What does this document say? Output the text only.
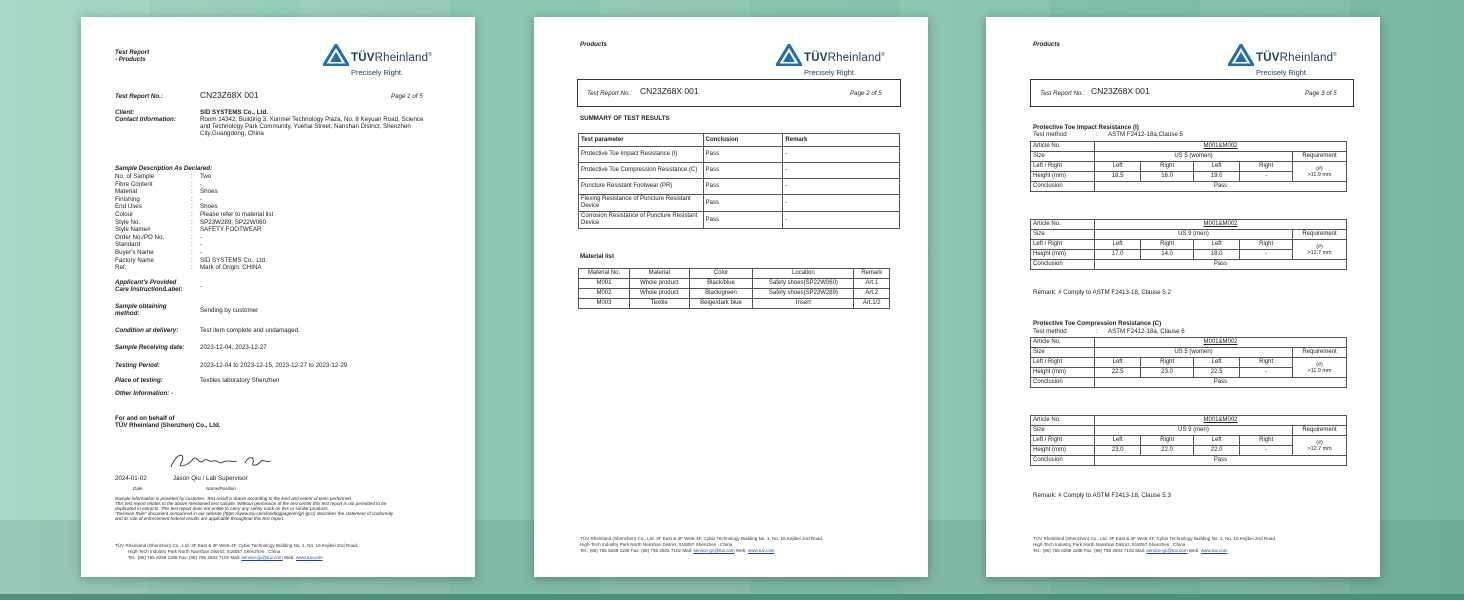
Test Report
- Products	TÜVRheinland®
Precisely Right.
Test Report No.:	CN23Z68X 001	Page 1 of 5
Client:	SID SYSTEMS Co., Ltd.
Contact Information:	Room 14342, Building 3, Xunmei Technology Plaza, No. 8 Keyuan Road, Science
and Technology Park Community, Yuehai Street, Nanshan District, Shenzhen
City,Guangdong, China
Sample Description As Declared:
No. of Sample	: Two
Fibre Content	: -
Material	: Shoes
Finishing	: -
End Uses	: Shoes
Colour	: Please refer to material list
Style No.	: SP23W289, SP22W060
Style Name#	: SAFETY FOOTWEAR
Order No./PO No.	: -
Standard	: -
Buyer's Name	: -
Factory Name	: SID SYSTEMS Co., Ltd.
Ref.	: Mark of Origin: CHINA
Applicant's Provided
Care Instruction/Label:	-
Sample obtaining
method:	Sending by customer
Condition at delivery:	Test item complete and undamaged.
Sample Receiving date:	2023-12-04, 2023-12-27
Testing Period:	2023-12-04 to 2023-12-15, 2023-12-27 to 2023-12-29
Place of testing:	Textiles laboratory Shenzhen
Other Information: -
For and on behalf of
TÜV Rheinland (Shenzhen) Co., Ltd.
2024-01-02	Jason Qiu / Lab Supervisor
Date	Name/Position
Sample information is provided by customer. Test result is drawn according to the kind and extent of tests performed.
This test report relates to the above mentioned test sample. Without permission of the test center this test report is not permitted to be
duplicated in extracts. This test report does not entitle to carry any safety mark on this or similar products.
"Decision Rule" document announced in our website (https://www.tuv.com/landingpage/en/gn-gcc/) describes the statement of conformity
and its rule of enforcement federal results are applicable throughout this test report.
TÜV Rheinland (Shenzhen) Co., Ltd. 3F East & 3F West-4F, Cybio Technology Building No. 1, No. 16 Kejibei 2nd Road,
High-Tech Industry Park North Nanshan District, 518057 Shenzhen , China
Tel.: (86) 755 8268 1188 Fax: (86) 755 2603 7102 Mail: service-gc@tuv.com Web: www.tuv.com
Products
TÜVRheinland®
Precisely Right.
Test Report No.: CN23Z68X 001	Page 2 of 5
SUMMARY OF TEST RESULTS
Test parameter	Conclusion	Remark
Protective Toe Impact Resistance (I)	Pass	-
Protective Toe Compression Resistance (C)	Pass	-
Puncture Resistant Footwear (PR)	Pass	-
Flexing Resistance of Puncture Resistant Device	Pass	-
Corrosion Resistance of Puncture Resistant Device	Pass	-
Material list
Material No.	Material	Color	Location	Remark
M001	Whole product	Black/blue	Safety shoes(SP22W060)	Art.1
M002	Whole product	Black/green	Safety shoes(SP23W289)	Art.2
M003	Textile	Beige/dark blue	Insert	Art.1/2
TÜV Rheinland (Shenzhen) Co., Ltd. 3F East & 3F West-4F, Cybio Technology Building No. 1, No. 16 Kejibei 2nd Road,
High-Tech Industry Park North Nanshan District, 518057 Shenzhen , China
Tel.: (86) 755 8268 1188 Fax: (86) 755 2603 7102 Mail: service-gc@tuv.com Web: www.tuv.com
Products
TÜVRheinland®
Precisely Right.
Test Report No.: CN23Z68X 001	Page 3 of 5
Protective Toe Impact Resistance (I)
Test method	: ASTM F2412-18a,Clause 5
Article No.	M001&M002				
Size	US 5 (women)				Requirement
Left / Right	Left	Right	Left	Right	(#)
>11.9 mm

Height (mm)	18.5	16.0	19.0	-	
Conclusion	Pass				
Article No.	M001&M002				
Size	US 9 (men)				Requirement
Left / Right	Left	Right	Left	Right	(#)
>12.7 mm

Height (mm)	17.0	14.0	18.0	-	
Conclusion	Pass				
Remark: # Comply to ASTM F2413-18, Clause 5.2
Protective Toe Compression Resistance (C)
Test method	: ASTM F2412-18a, Clause 6
Article No.	M001&M002				
Size	US 5 (women)				Requirement
Left / Right	Left	Right	Left	Right	(#)
>11.9 mm

Height (mm)	22.5	23.0	22.5	-	
Conclusion	Pass				
Article No.	M001&M002				
Size	US 9 (men)				Requirement
Left / Right	Left	Right	Left	Right	(#)
>12.7 mm

Height (mm)	23.0	22.0	22.0	-	
Conclusion	Pass				
Remark: # Comply to ASTM F2413-18, Clause 5.3
TÜV Rheinland (Shenzhen) Co., Ltd. 3F East & 3F West-4F, Cybio Technology Building No. 1, No. 16 Kejibei 2nd Road,
High-Tech Industry Park North Nanshan District, 518057 Shenzhen , China
Tel.: (86) 755 8268 1188 Fax: (86) 755 2603 7102 Mail: service-gc@tuv.com Web: www.tuv.com
